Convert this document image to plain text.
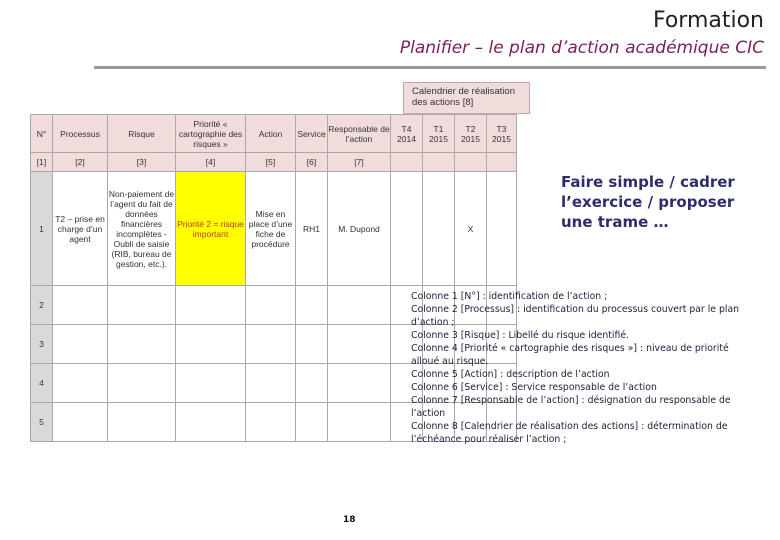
Formation
Planifier – le plan d’action académique CIC
Calendrier de réalisation des actions [8]
N°	Processus	Risque	Priorité « cartographie des risques »	Action	Service	Responsable de l’action	T4 2014	T1 2015	T2 2015	T3 2015
[1]	[2]	[3]	[4]	[5]	[6]	[7]				
1	T2 – prise en charge d’un agent	Non-paiement de l’agent du fait de données financières incomplètes - Oubli de saisie (RIB, bureau de gestion, etc.).	Priorité 2 = risque important	Mise en place d’une fiche de procédure	RH1	M. Dupond			X	
2										
3										
4										
5										
Faire simple / cadrer l’exercice / proposer une trame …
Colonne 1 [N°] : identification de l’action ;
Colonne 2 [Processus] : identification du processus couvert par le plan d’action ;
Colonne 3 [Risque] : Libellé du risque identifié.
Colonne 4 [Priorité « cartographie des risques »] : niveau de priorité alloué au risque.
Colonne 5 [Action] : description de l’action
Colonne 6 [Service] : Service responsable de l’action
Colonne 7 [Responsable de l’action] : désignation du responsable de l’action
Colonne 8 [Calendrier de réalisation des actions] : détermination de l’échéance pour réaliser l’action ;
18
